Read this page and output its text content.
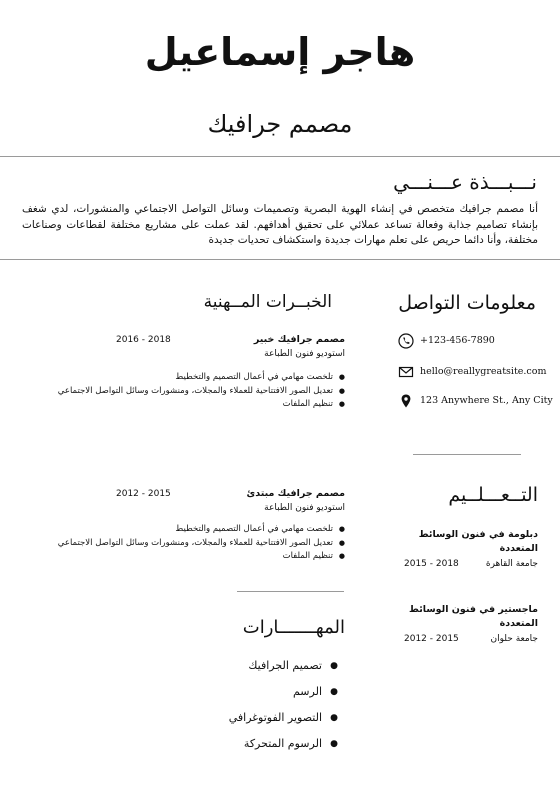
هاجر إسماعيل
مصمم جرافيك
نـــبـــذة عـــنـــي
أنا مصمم جرافيك متخصص في إنشاء الهوية البصرية وتصميمات وسائل التواصل الاجتماعي والمنشورات، لدي شغف بإنشاء تصاميم جذابة وفعالة تساعد عملائي على تحقيق أهدافهم. لقد عملت على مشاريع مختلفة لقطاعات وصناعات مختلفة، وأنا دائما حريص على تعلم مهارات جديدة واستكشاف تحديات جديدة
معلومات التواصل
+123-456-7890
hello@reallygreatsite.com
123 Anywhere St., Any City
الخبــرات المــهنية
مصمم جرافيك خبير
2016 - 2018
استوديو فنون الطباعة
● تلخصت مهامي في أعمال التصميم والتخطيط
● تعديل الصور الافتتاحية للعملاء والمجلات، ومنشورات وسائل التواصل الاجتماعي
● تنظيم الملفات
مصمم جرافيك مبتدئ
2012 - 2015
استوديو فنون الطباعة
● تلخصت مهامي في أعمال التصميم والتخطيط
● تعديل الصور الافتتاحية للعملاء والمجلات، ومنشورات وسائل التواصل الاجتماعي
● تنظيم الملفات
التــعـــلــيم
دبلومة في فنون الوسائط المتعددة
جامعة القاهرة
2015 - 2018
ماجستير في فنون الوسائط المتعددة
جامعة حلوان
2012 - 2015
المهـــــــارات
● تصميم الجرافيك
● الرسم
● التصوير الفوتوغرافي
● الرسوم المتحركة
